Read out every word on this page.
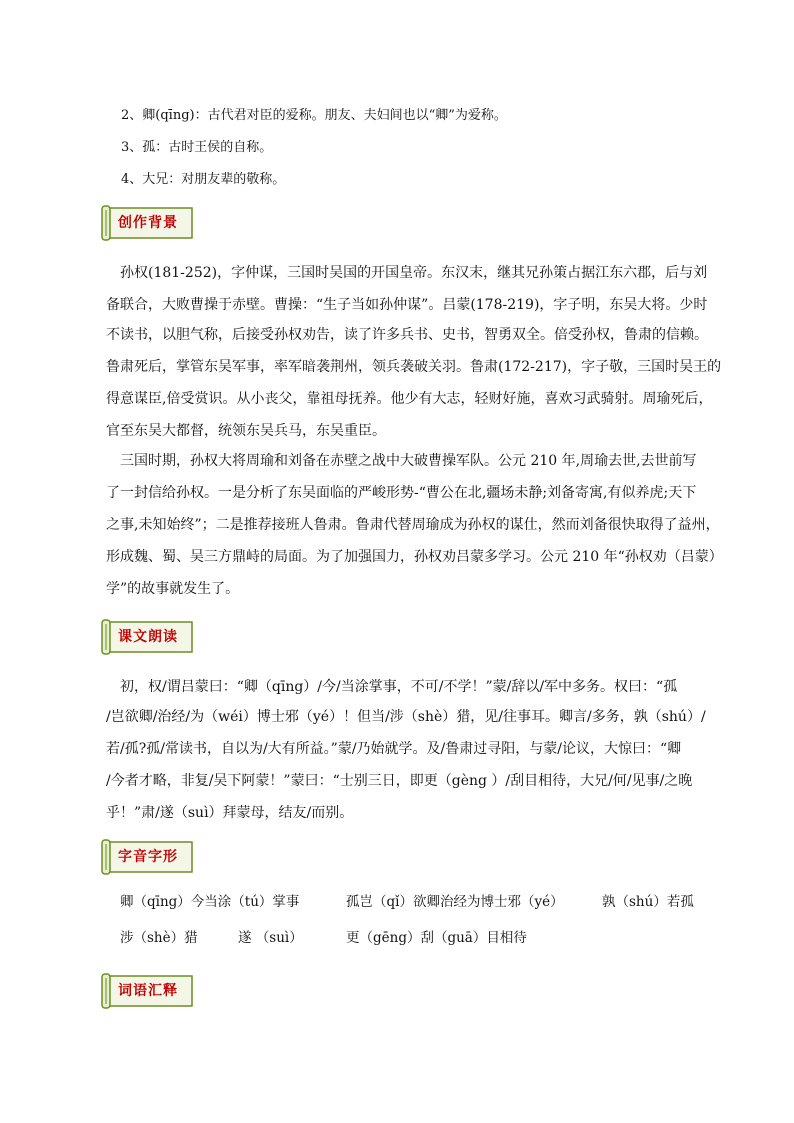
2、卿(qīng)：古代君对臣的爱称。朋友、夫妇间也以“卿”为爱称。
3、孤：古时王侯的自称。
4、大兄：对朋友辈的敬称。
创作背景
孙权(181-252)，字仲谋，三国时吴国的开国皇帝。东汉末，继其兄孙策占据江东六郡，后与刘
备联合，大败曹操于赤壁。曹操：“生子当如孙仲谋”。吕蒙(178-219)，字子明，东吴大将。少时
不读书，以胆气称，后接受孙权劝告，读了许多兵书、史书，智勇双全。倍受孙权，鲁肃的信赖。
鲁肃死后，掌管东吴军事，率军暗袭荆州，领兵袭破关羽。鲁肃(172-217)，字子敬，三国时吴王的
得意谋臣,倍受赏识。从小丧父，靠祖母抚养。他少有大志，轻财好施，喜欢习武骑射。周瑜死后，
官至东吴大都督，统领东吴兵马，东吴重臣。
三国时期，孙权大将周瑜和刘备在赤壁之战中大破曹操军队。公元 210 年,周瑜去世,去世前写
了一封信给孙权。一是分析了东吴面临的严峻形势-“曹公在北,疆场未静;刘备寄寓,有似养虎;天下
之事,未知始终”；二是推荐接班人鲁肃。鲁肃代替周瑜成为孙权的谋仕，然而刘备很快取得了益州，
形成魏、蜀、吴三方鼎峙的局面。为了加强国力，孙权劝吕蒙多学习。公元 210 年“孙权劝（吕蒙）
学”的故事就发生了。
课文朗读
初，权/谓吕蒙曰：“卿（qīng）/今/当涂掌事，不可/不学！”蒙/辞以/军中多务。权曰：“孤
/岂欲卿/治经/为（wéi）博士邪（yé）！但当/涉（shè）猎，见/往事耳。卿言/多务，孰（shú）/
若/孤?孤/常读书，自以为/大有所益。”蒙/乃始就学。及/鲁肃过寻阳，与蒙/论议，大惊曰：“卿
/今者才略，非复/吴下阿蒙！”蒙曰：“士别三日，即更（gèng ）/刮目相待，大兄/何/见事/之晚
乎！”肃/遂（suì）拜蒙母，结友/而别。
字音字形
卿（qīng）今当涂（tú）掌事	孤岂（qǐ）欲卿治经为博士邪（yé）	孰（shú）若孤
涉（shè）猎	遂 （suì）	更（gēng）刮（guā）目相待
词语汇释
